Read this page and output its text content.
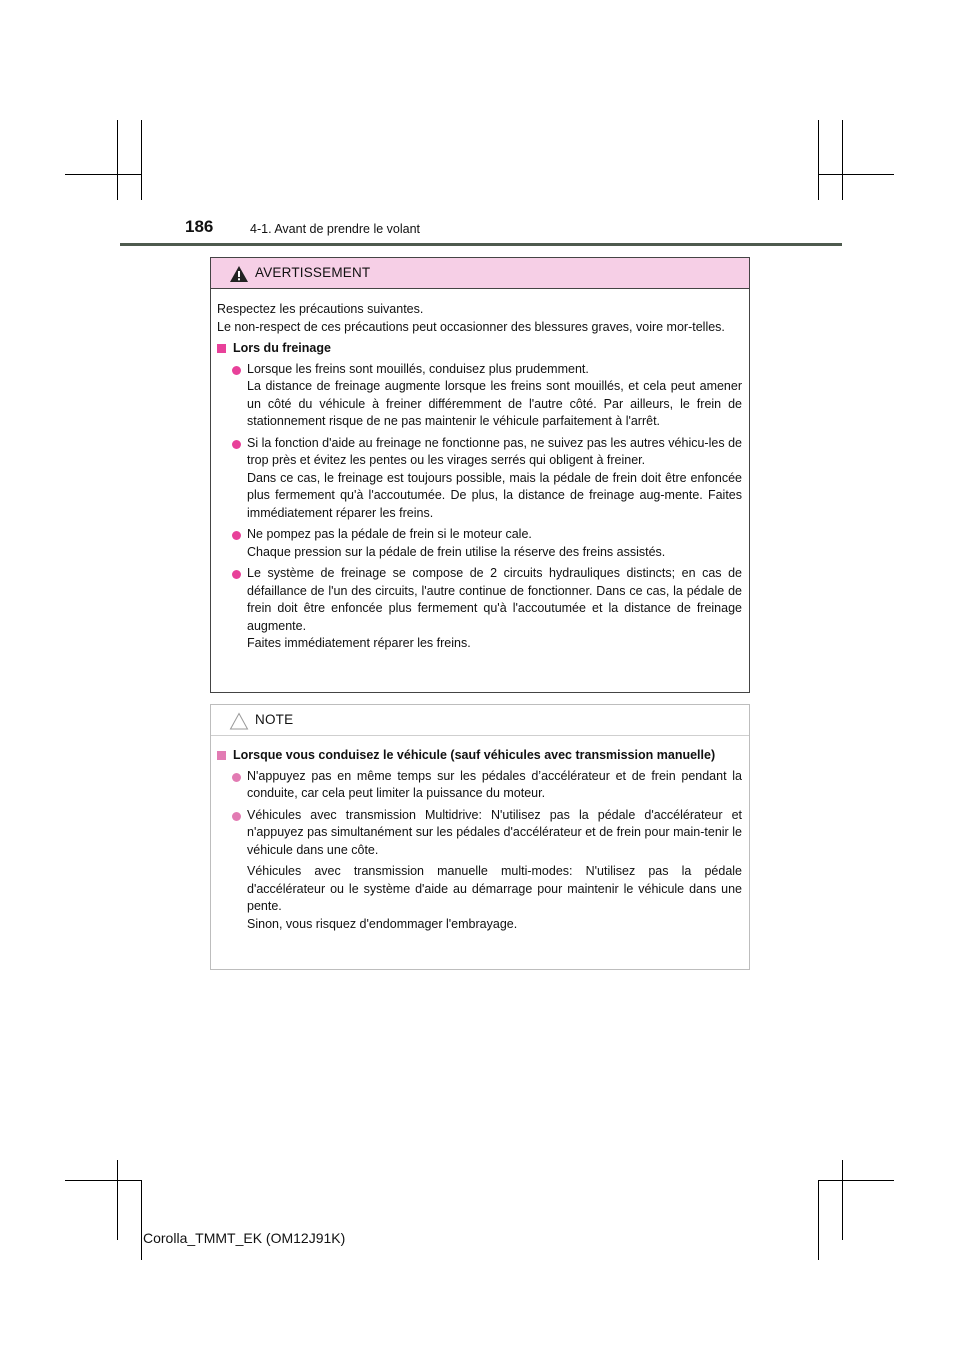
186	4-1. Avant de prendre le volant
AVERTISSEMENT
Respectez les précautions suivantes.
Le non-respect de ces précautions peut occasionner des blessures graves, voire mor-telles.
Lors du freinage
Lorsque les freins sont mouillés, conduisez plus prudemment.
La distance de freinage augmente lorsque les freins sont mouillés, et cela peut amener un côté du véhicule à freiner différemment de l'autre côté. Par ailleurs, le frein de stationnement risque de ne pas maintenir le véhicule parfaitement à l'arrêt.
Si la fonction d'aide au freinage ne fonctionne pas, ne suivez pas les autres véhicu-les de trop près et évitez les pentes ou les virages serrés qui obligent à freiner.
Dans ce cas, le freinage est toujours possible, mais la pédale de frein doit être enfoncée plus fermement qu'à l'accoutumée. De plus, la distance de freinage aug-mente. Faites immédiatement réparer les freins.
Ne pompez pas la pédale de frein si le moteur cale.
Chaque pression sur la pédale de frein utilise la réserve des freins assistés.
Le système de freinage se compose de 2 circuits hydrauliques distincts; en cas de défaillance de l'un des circuits, l'autre continue de fonctionner. Dans ce cas, la pédale de frein doit être enfoncée plus fermement qu'à l'accoutumée et la distance de freinage augmente.
Faites immédiatement réparer les freins.
NOTE
Lorsque vous conduisez le véhicule (sauf véhicules avec transmission manuelle)
N'appuyez pas en même temps sur les pédales d’accélérateur et de frein pendant la conduite, car cela peut limiter la puissance du moteur.
Véhicules avec transmission Multidrive: N'utilisez pas la pédale d'accélérateur et n'appuyez pas simultanément sur les pédales d'accélérateur et de frein pour main-tenir le véhicule dans une côte.
Véhicules avec transmission manuelle multi-modes: N'utilisez pas la pédale d'accélérateur ou le système d'aide au démarrage pour maintenir le véhicule dans une pente.
Sinon, vous risquez d'endommager l'embrayage.
Corolla_TMMT_EK (OM12J91K)
